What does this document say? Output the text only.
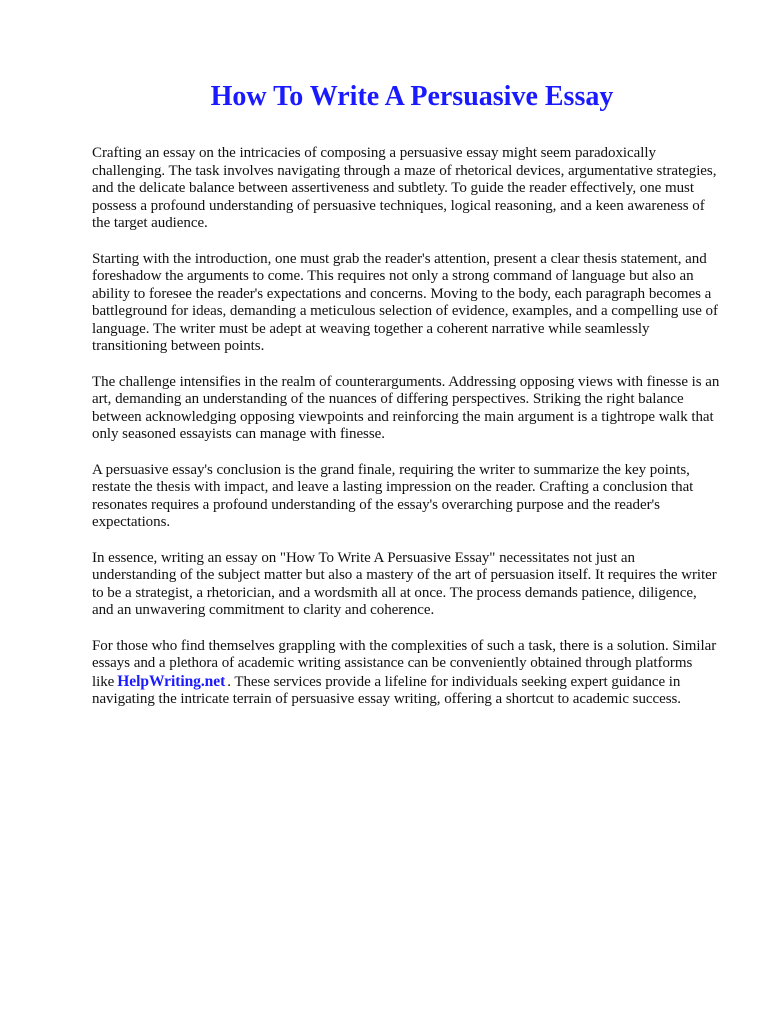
How To Write A Persuasive Essay

Crafting an essay on the intricacies of composing a persuasive essay might seem paradoxically challenging. The task involves navigating through a maze of rhetorical devices, argumentative strategies, and the delicate balance between assertiveness and subtlety. To guide the reader effectively, one must possess a profound understanding of persuasive techniques, logical reasoning, and a keen awareness of the target audience.

Starting with the introduction, one must grab the reader's attention, present a clear thesis statement, and foreshadow the arguments to come. This requires not only a strong command of language but also an ability to foresee the reader's expectations and concerns. Moving to the body, each paragraph becomes a battleground for ideas, demanding a meticulous selection of evidence, examples, and a compelling use of language. The writer must be adept at weaving together a coherent narrative while seamlessly transitioning between points.

The challenge intensifies in the realm of counterarguments. Addressing opposing views with finesse is an art, demanding an understanding of the nuances of differing perspectives. Striking the right balance between acknowledging opposing viewpoints and reinforcing the main argument is a tightrope walk that only seasoned essayists can manage with finesse.

A persuasive essay's conclusion is the grand finale, requiring the writer to summarize the key points, restate the thesis with impact, and leave a lasting impression on the reader. Crafting a conclusion that resonates requires a profound understanding of the essay's overarching purpose and the reader's expectations.

In essence, writing an essay on "How To Write A Persuasive Essay" necessitates not just an understanding of the subject matter but also a mastery of the art of persuasion itself. It requires the writer to be a strategist, a rhetorician, and a wordsmith all at once. The process demands patience, diligence, and an unwavering commitment to clarity and coherence.

For those who find themselves grappling with the complexities of such a task, there is a solution. Similar essays and a plethora of academic writing assistance can be conveniently obtained through platforms like HelpWriting.net . These services provide a lifeline for individuals seeking expert guidance in navigating the intricate terrain of persuasive essay writing, offering a shortcut to academic success.
